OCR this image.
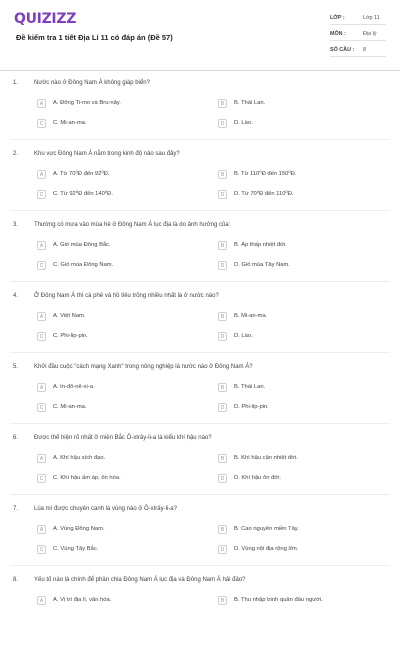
QUIZIZZ
Đề kiểm tra 1 tiết Địa Lí 11 có đáp án (Đề 57)
LỚP :	Lớp 11
MÔN :	Địa lý
SỐ CÂU : 8
1.	Nước nào ở Đông Nam Á không giáp biển?
A	A. Đông Ti-mo và Bru-nây.	B	B. Thái Lan.
C	C. Mi-an-ma.	D	D. Lào.
2.	Khu vực Đông Nam Á nằm trong kinh độ nào sau đây?
A	A. Từ 70⁰Đ đến 92⁰Đ.	B	B. Từ 110⁰Đ đến 150⁰Đ.
C	C. Từ 92⁰Đ đến 140⁰Đ.	D	D. Từ 70⁰Đ đến 110⁰Đ.
3.	Thường có mưa vào mùa hè ở Đông Nam Á lục địa là do ảnh hưởng của:
A	A. Gió mùa Đông Bắc.	B	B. Áp thấp nhiệt đới.
C	C. Gió mùa Đông Nam.	D	D. Gió mùa Tây Nam.
4.	Ở Đông Nam Á thì cà phê và hồ tiêu trồng nhiều nhất là ở nước nào?
A	A. Việt Nam.	B	B. Mi-an-ma.
C	C. Phi-lip-pin.	D	D. Lào.
5.	Khởi đầu cuộc "cách mạng Xanh" trong nông nghiệp là nước nào ở Đông Nam Á?
A	A. In-đô-nê-xi-a.	B	B. Thái Lan.
C	C. Mi-an-ma.	D	D. Phi-lip-pin.
6.	Được thể hiện rõ nhất ở miền Bắc Ô-xtrây-li-a là kiểu khí hậu nào?
A	A. Khí hậu xích đạo.	B	B. Khí hậu cận nhiệt đới.
C	C. Khí hậu ấm áp, ôn hòa.	D	D. Khí hậu ôn đới.
7.	Lúa mì được chuyên canh là vùng nào ở Ô-xtrây-li-a?
A	A. Vùng Đông Nam.	B	B. Cao nguyên miền Tây.
C	C. Vùng Tây Bắc.	D	D. Vùng nội địa rộng lớn.
8.	Yếu tố nào là chính để phân chia Đông Nam Á lục địa và Đông Nam Á hải đảo?
A	A. Vị trí địa lí, văn hóa.	B	B. Thu nhập bình quân đầu người.
